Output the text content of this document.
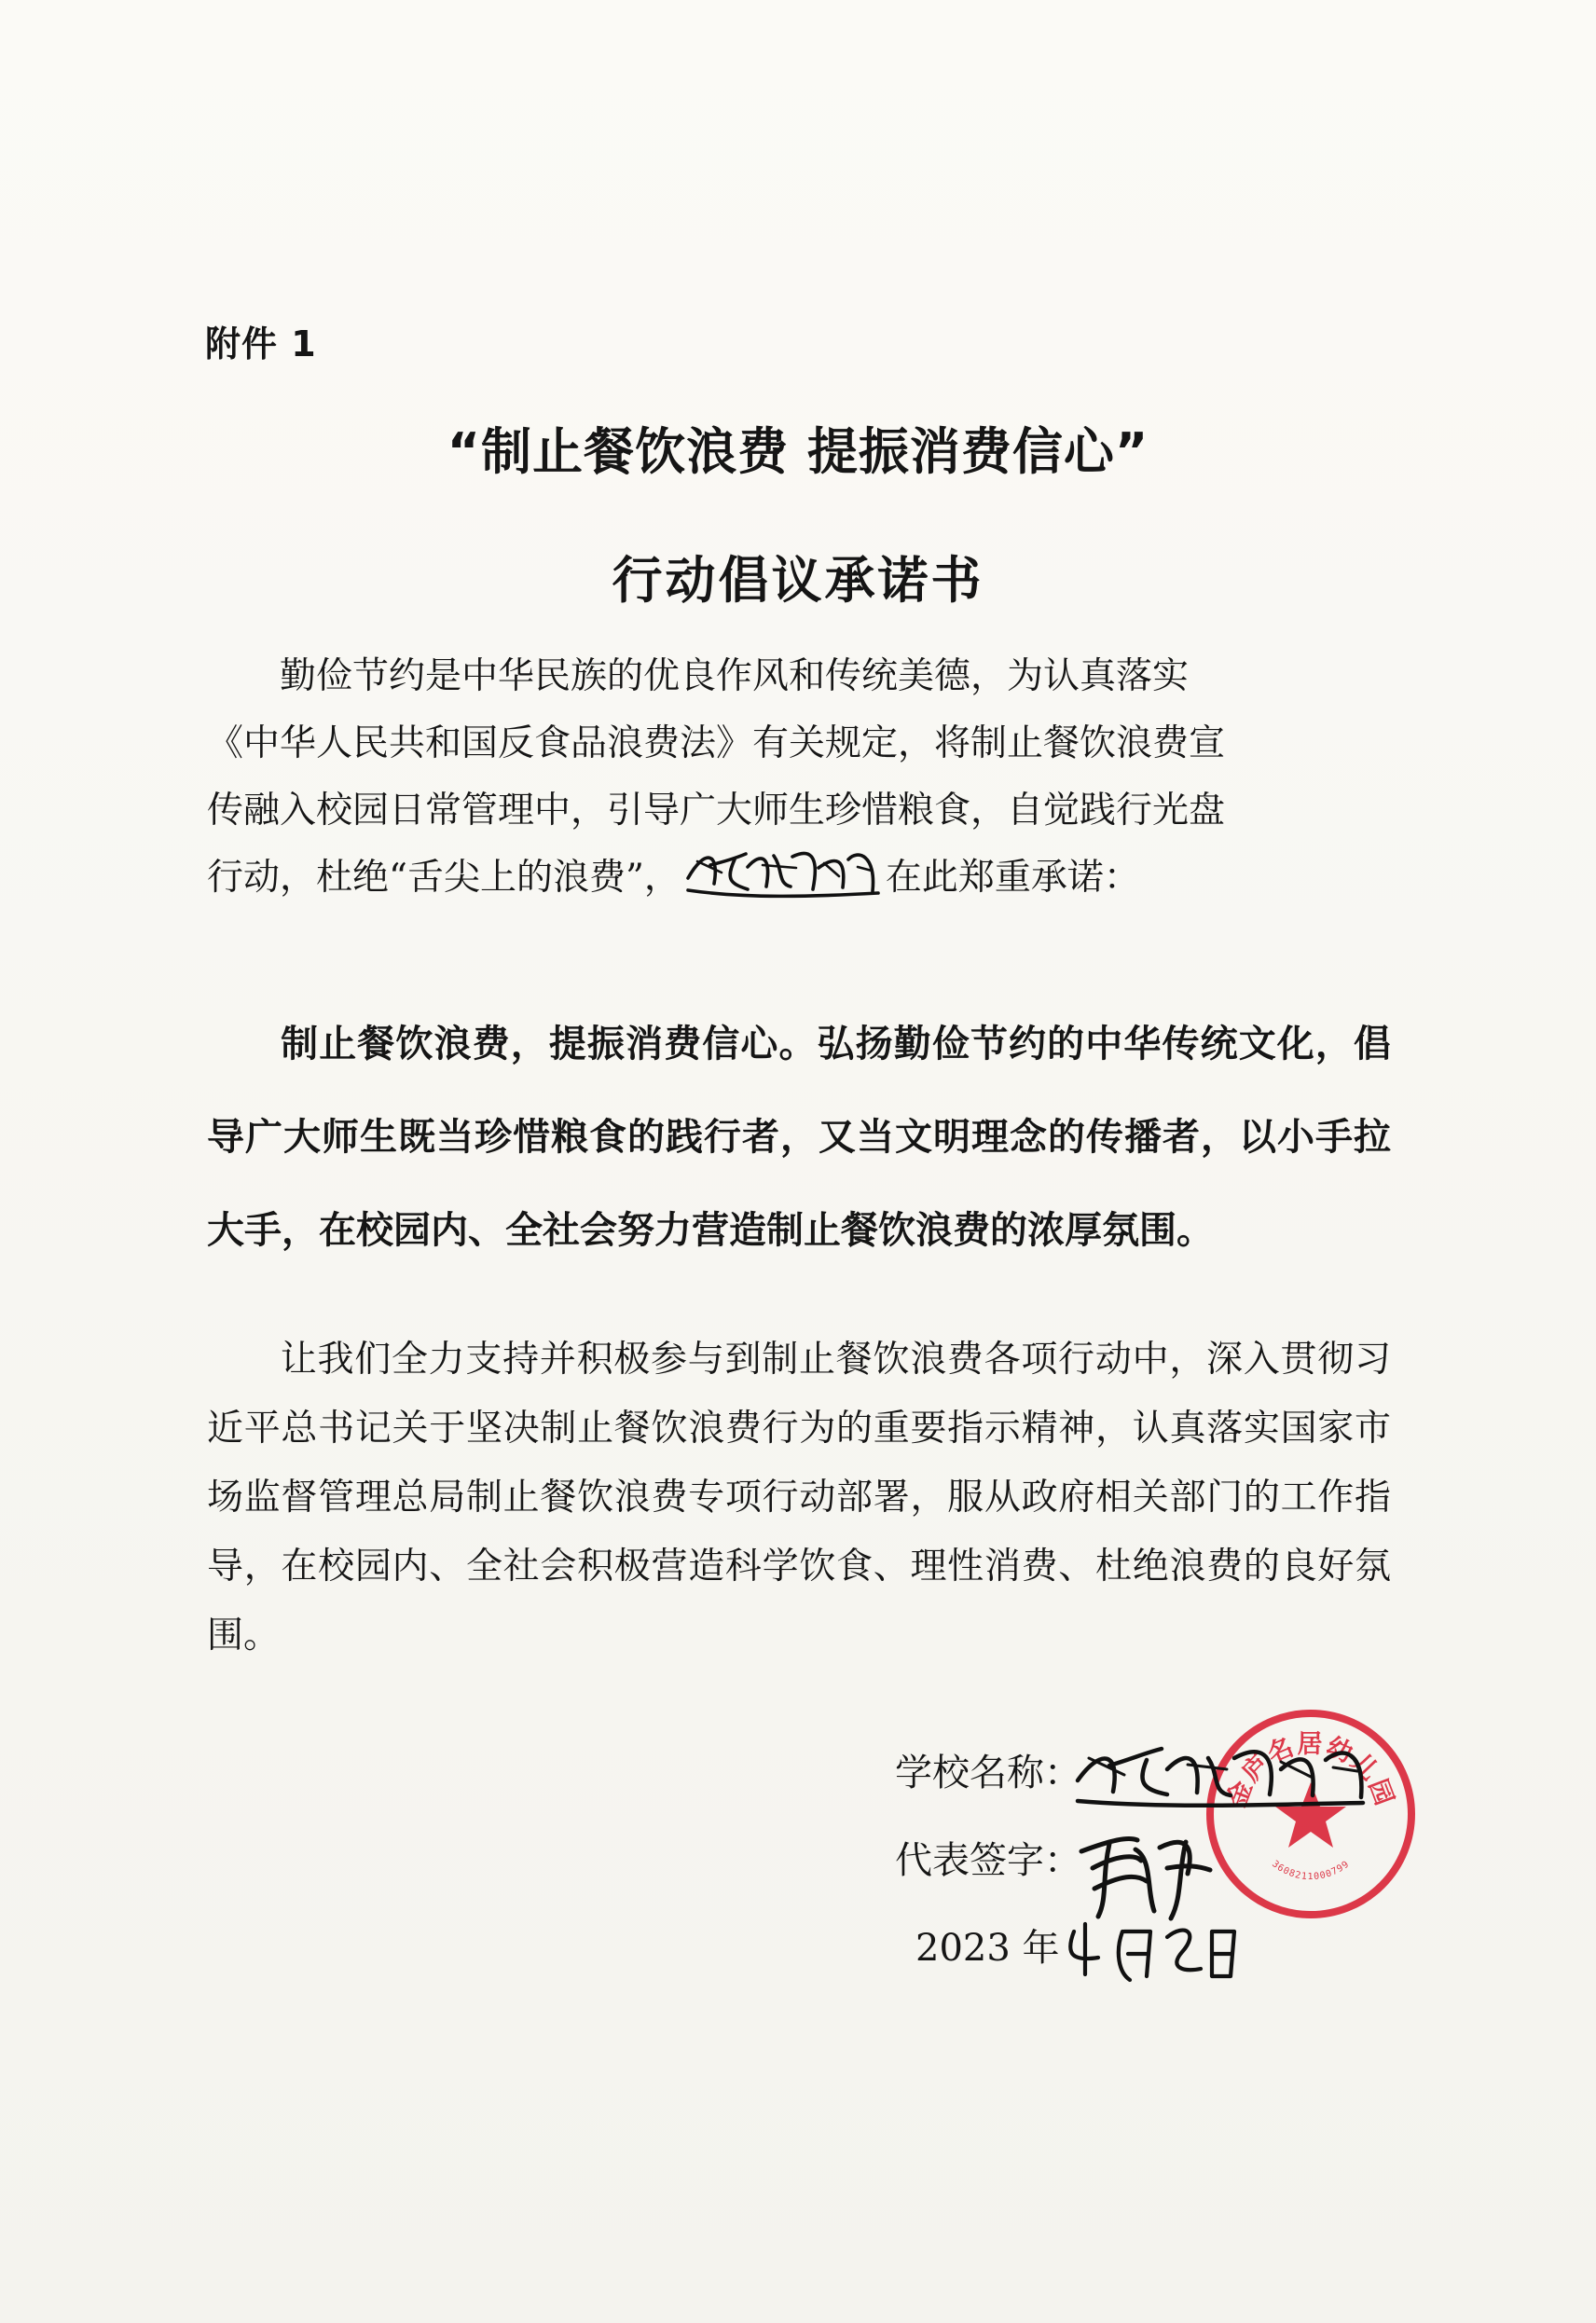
附件 1
“制止餐饮浪费 提振消费信心”
行动倡议承诺书
勤俭节约是中华民族的优良作风和传统美德，为认真落实
《中华人民共和国反食品浪费法》有关规定，将制止餐饮浪费宣
传融入校园日常管理中，引导广大师生珍惜粮食，自觉践行光盘
行动，杜绝“舌尖上的浪费”，	在此郑重承诺：
制止餐饮浪费，提振消费信心。弘扬勤俭节约的中华传统文化，倡导广大师生既当珍惜粮食的践行者，又当文明理念的传播者，以小手拉大手，在校园内、全社会努力营造制止餐饮浪费的浓厚氛围。
让我们全力支持并积极参与到制止餐饮浪费各项行动中，深入贯彻习近平总书记关于坚决制止餐饮浪费行为的重要指示精神，认真落实国家市场监督管理总局制止餐饮浪费专项行动部署，服从政府相关部门的工作指导，在校园内、全社会积极营造科学饮食、理性消费、杜绝浪费的良好氛围。
金庐名居幼儿园
3608211000799
学校名称：
代表签字：
2023 年
